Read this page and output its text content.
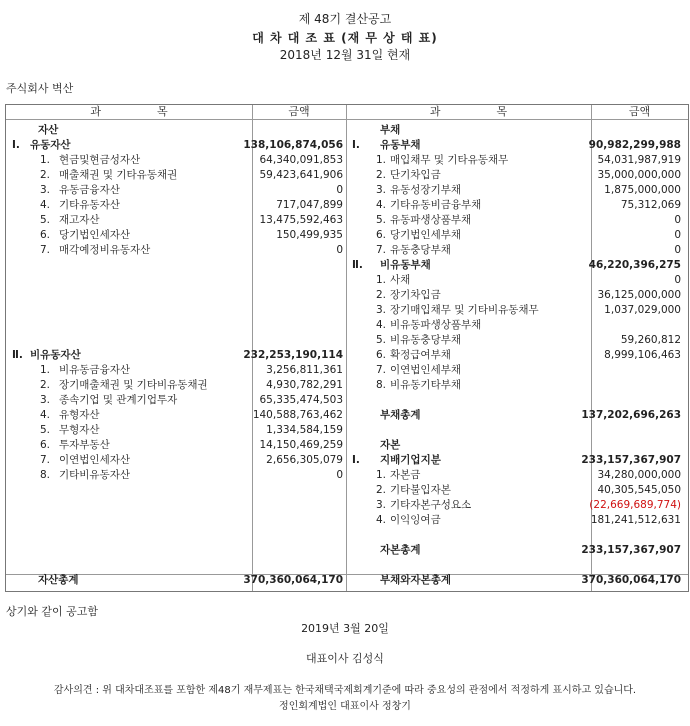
제 48기 결산공고
대 차 대 조 표 (재 무 상 태 표)
2018년 12월 31일 현재
주식회사 벽산
과	목	금액	과	목	금액
자산
Ⅰ. 유동자산	138,106,874,056
1. 현금및현금성자산	64,340,091,853
2. 매출채권 및 기타유동채권	59,423,641,906
3. 유동금융자산	0
4. 기타유동자산	717,047,899
5. 재고자산	13,475,592,463
6. 당기법인세자산	150,499,935
7. 매각예정비유동자산	0
Ⅱ. 비유동자산	232,253,190,114
1. 비유동금융자산	3,256,811,361
2. 장기매출채권 및 기타비유동채권	4,930,782,291
3. 종속기업 및 관계기업투자	65,335,474,503
4. 유형자산	140,588,763,462
5. 무형자산	1,334,584,159
6. 투자부동산	14,150,469,259
7. 이연법인세자산	2,656,305,079
8. 기타비유동자산	0
자산총계	370,360,064,170
부채
Ⅰ. 유동부채	90,982,299,988
1. 매입채무 및 기타유동채무	54,031,987,919
2. 단기차입금	35,000,000,000
3. 유동성장기부채	1,875,000,000
4. 기타유동비금융부채	75,312,069
5. 유동파생상품부채	0
6. 당기법인세부채	0
7. 유동충당부채	0
Ⅱ. 비유동부채	46,220,396,275
1. 사채	0
2. 장기차입금	36,125,000,000
3. 장기매입채무 및 기타비유동채무	1,037,029,000
4. 비유동파생상품부채
5. 비유동충당부채	59,260,812
6. 확정급여부채	8,999,106,463
7. 이연법인세부채
8. 비유동기타부채
부채총계	137,202,696,263
자본
Ⅰ. 지배기업지분	233,157,367,907
1. 자본금	34,280,000,000
2. 기타불입자본	40,305,545,050
3. 기타자본구성요소	(22,669,689,774)
4. 이익잉여금	181,241,512,631
자본총계	233,157,367,907
부채와자본총계	370,360,064,170
상기와 같이 공고함
2019년 3월 20일
대표이사 김성식
감사의견 : 위 대차대조표를 포함한 제48기 재무제표는 한국채택국제회계기준에 따라 중요성의 관점에서 적정하게 표시하고 있습니다.
정인회계법인 대표이사 정창기
